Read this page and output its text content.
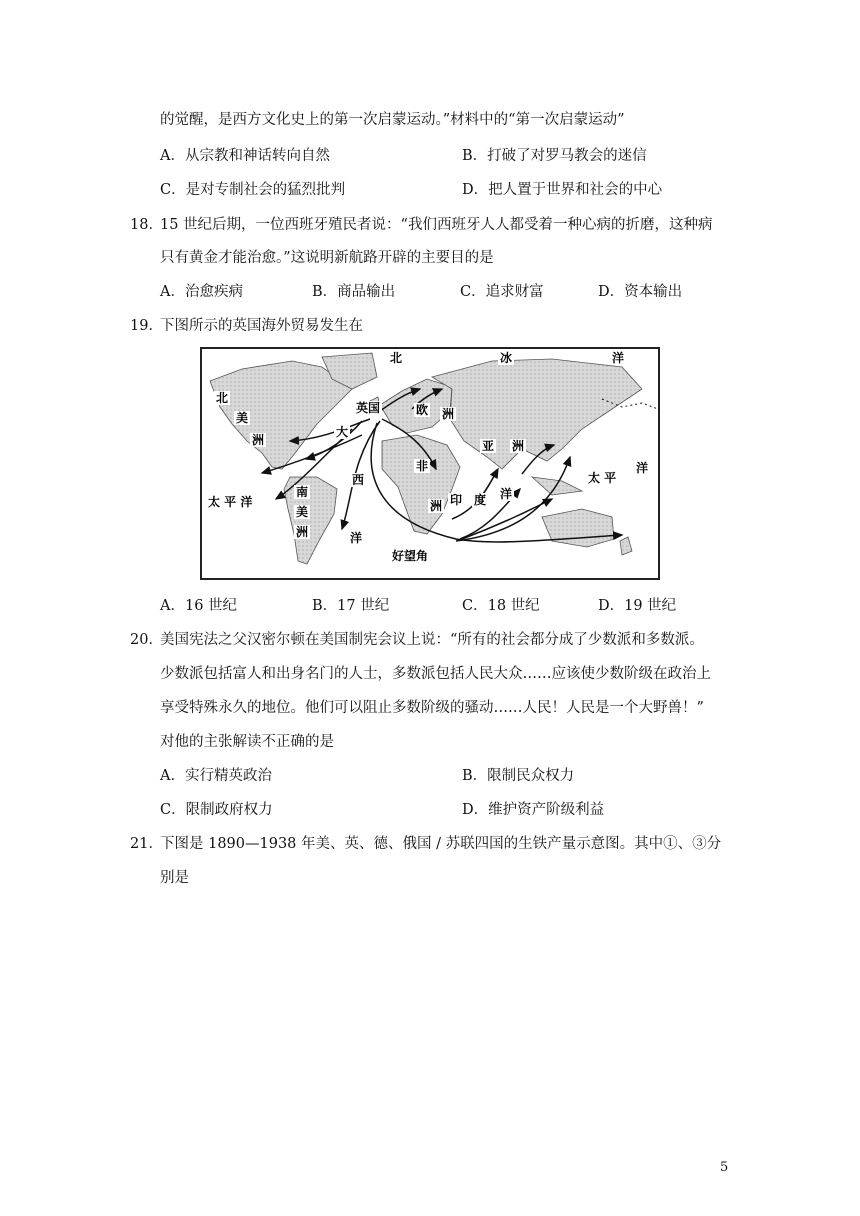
的觉醒，是西方文化史上的第一次启蒙运动。”材料中的“第一次启蒙运动”
A．从宗教和神话转向自然	B．打破了对罗马教会的迷信
C．是对专制社会的猛烈批判	D．把人置于世界和社会的中心
18．
15 世纪后期，一位西班牙殖民者说：“我们西班牙人人都受着一种心病的折磨，这种病
只有黄金才能治愈。”这说明新航路开辟的主要目的是
A．治愈疾病	B．商品输出	C．追求财富	D．资本输出
19．
下图所示的英国海外贸易发生在
北	冰	洋
北
美
洲
大
英国	欧 洲
亚 洲
非
洲
西
太 平 洋
南
美
洲	洋
印 度 洋
太 平
洋
好望角
A．16 世纪	B．17 世纪	C．18 世纪	D．19 世纪
20．
美国宪法之父汉密尔顿在美国制宪会议上说：“所有的社会都分成了少数派和多数派。
少数派包括富人和出身名门的人士，多数派包括人民大众……应该使少数阶级在政治上
享受特殊永久的地位。他们可以阻止多数阶级的骚动……人民！人民是一个大野兽！”
对他的主张解读不正确的是
A．实行精英政治	B．限制民众权力
C．限制政府权力	D．维护资产阶级利益
21．
下图是 1890—1938 年美、英、德、俄国 / 苏联四国的生铁产量示意图。其中①、③分
别是
5
